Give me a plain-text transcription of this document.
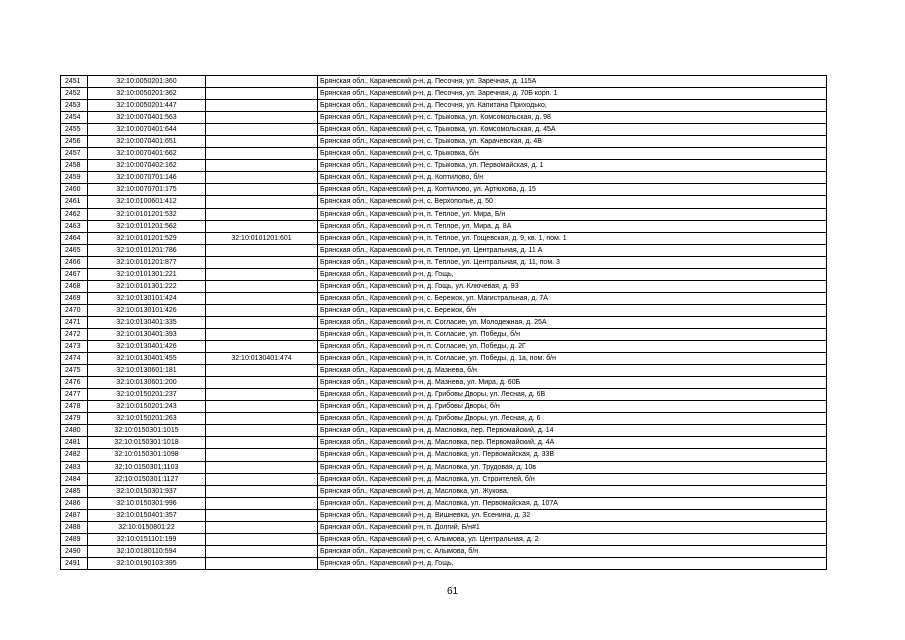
2451	32:10:0050201:360		Брянская обл., Карачевский р-н, д. Песочня, ул. Заречная, д. 115А
2452	32:10:0050201:362		Брянская обл., Карачевский р-н, д. Песочня, ул. Заречная, д. 70Б корп. 1
2453	32:10:0050201:447		Брянская обл., Карачевский р-н, д. Песочня, ул. Капитана Приходько,
2454	32:10:0070401:563		Брянская обл., Карачевский р-н, с. Трыковка, ул. Комсомольская, д. 98
2455	32:10:0070401:644		Брянская обл., Карачевский р-н, с. Трыковка, ул. Комсомольская, д. 45А
2456	32:10:0070401:651		Брянская обл., Карачевский р-н, с. Трыковка, ул. Карачевская, д. 4В
2457	32:10:0070401:662		Брянская обл., Карачевский р-н, с. Трыковка, б/н
2458	32:10:0070402:162		Брянская обл., Карачевский р-н, с. Трыковка, ул. Первомайская, д. 1
2459	32:10:0070701:146		Брянская обл., Карачевский р-н, д. Коптилово, б/н
2460	32:10:0070701:175		Брянская обл., Карачевский р-н, д. Коптилово, ул. Артюхова, д. 15
2461	32:10:0100601:412		Брянская обл., Карачевский р-н, с. Верхополье, д. 50
2462	32:10:0101201:532		Брянская обл., Карачевский р-н, п. Теплое, ул. Мира, Б/н
2463	32:10:0101201:562		Брянская обл., Карачевский р-н, п. Теплое, ул. Мира, д. 8А
2464	32:10:0101201:529	32:10:0101201:601	Брянская обл., Карачевский р-н, п. Теплое, ул. Гощевская, д. 9, кв. 1, пом. 1
2465	32:10:0101201:786		Брянская обл., Карачевский р-н, п. Теплое, ул. Центральная, д. 11 А
2466	32:10:0101201:877		Брянская обл., Карачевский р-н, п. Теплое, ул. Центральная, д. 11, пом. 3
2467	32:10:0101301:221		Брянская обл., Карачевский р-н, д. Гощь,
2468	32:10:0101301:222		Брянская обл., Карачевский р-н, д. Гощь, ул. Ключевая, д. 93
2469	32:10:0130101:424		Брянская обл., Карачевский р-н, с. Бережок, ул. Магистральная, д. 7А
2470	32:10:0130101:426		Брянская обл., Карачевский р-н, с. Бережок, б/н
2471	32:10:0130401:335		Брянская обл., Карачевский р-н, п. Согласие, ул. Молодежная, д. 25А
2472	32:10:0130401:393		Брянская обл., Карачевский р-н, п. Согласие, ул. Победы, б/н
2473	32:10:0130401:426		Брянская обл., Карачевский р-н, п. Согласие, ул. Победы, д. 2Г
2474	32:10:0130401:455	32:10:0130401:474	Брянская обл., Карачевский р-н, п. Согласие, ул. Победы, д. 1а, пом. б/н
2475	32:10:0130601:181		Брянская обл., Карачевский р-н, д. Мазнева, б/н
2476	32:10:0130601:200		Брянская обл., Карачевский р-н, д. Мазнева, ул. Мира, д. 60Б
2477	32:10:0150201:237		Брянская обл., Карачевский р-н, д. Грибовы Дворы, ул. Лесная, д. 6В
2478	32:10:0150201:243		Брянская обл., Карачевский р-н, д. Грибовы Дворы, б/н
2479	32:10:0150201:263		Брянская обл., Карачевский р-н, д. Грибовы Дворы, ул. Лесная, д. 6
2480	32:10:0150301:1015		Брянская обл., Карачевский р-н, д. Масловка, пер. Первомайский, д. 14
2481	32:10:0150301:1018		Брянская обл., Карачевский р-н, д. Масловка, пер. Первомайский, д. 4А
2482	32:10:0150301:1098		Брянская обл., Карачевский р-н, д. Масловка, ул. Первомайская, д. 33В
2483	32:10:0150301:1103		Брянская обл., Карачевский р-н, д. Масловка, ул. Трудовая, д. 10в
2484	32:10:0150301:1127		Брянская обл., Карачевский р-н, д. Масловка, ул. Строителей, б/н
2485	32:10:0150301:937		Брянская обл., Карачевский р-н, д. Масловка, ул. Жукова,
2486	32:10:0150301:996		Брянская обл., Карачевский р-н, д. Масловка, ул. Первомайская, д. 107А
2487	32:10:0150401:357		Брянская обл., Карачевский р-н, д. Вишневка, ул. Есенина, д. 32
2488	32:10:0150801:22		Брянская обл., Карачевский р-н, п. Долгий, Б/н#1
2489	32:10:0151101:199		Брянская обл., Карачевский р-н, с. Алымова, ул. Центральная, д. 2
2490	32:10:0180110:594		Брянская обл., Карачевский р-н, с. Алымова, б/н
2491	32:10:0190103:395		Брянская обл., Карачевский р-н, д. Гощь,
61
